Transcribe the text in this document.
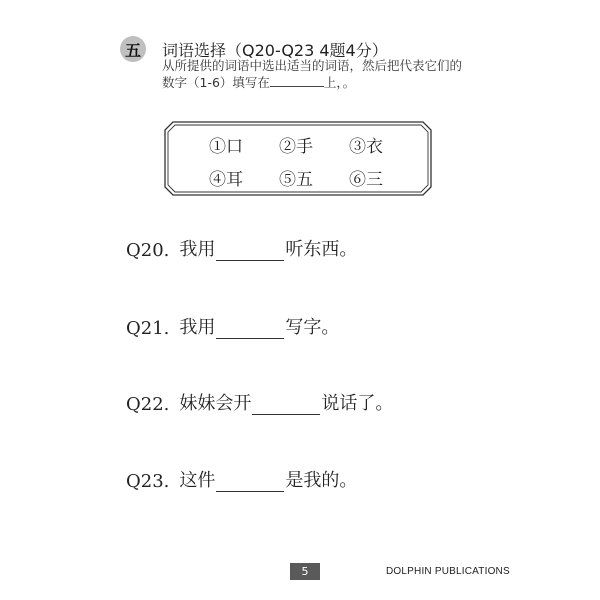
五	词语选择（Q20-Q23 4题4分）
从所提供的词语中选出适当的词语，然后把代表它们的
数字（1-6）填写在	上，。
①口	②手	③衣
④耳	⑤五	⑥三
Q20. 我用	听东西。
Q21. 我用	写字。
Q22. 妹妹会开	说话了。
Q23. 这件	是我的。
5	DOLPHIN PUBLICATIONS
